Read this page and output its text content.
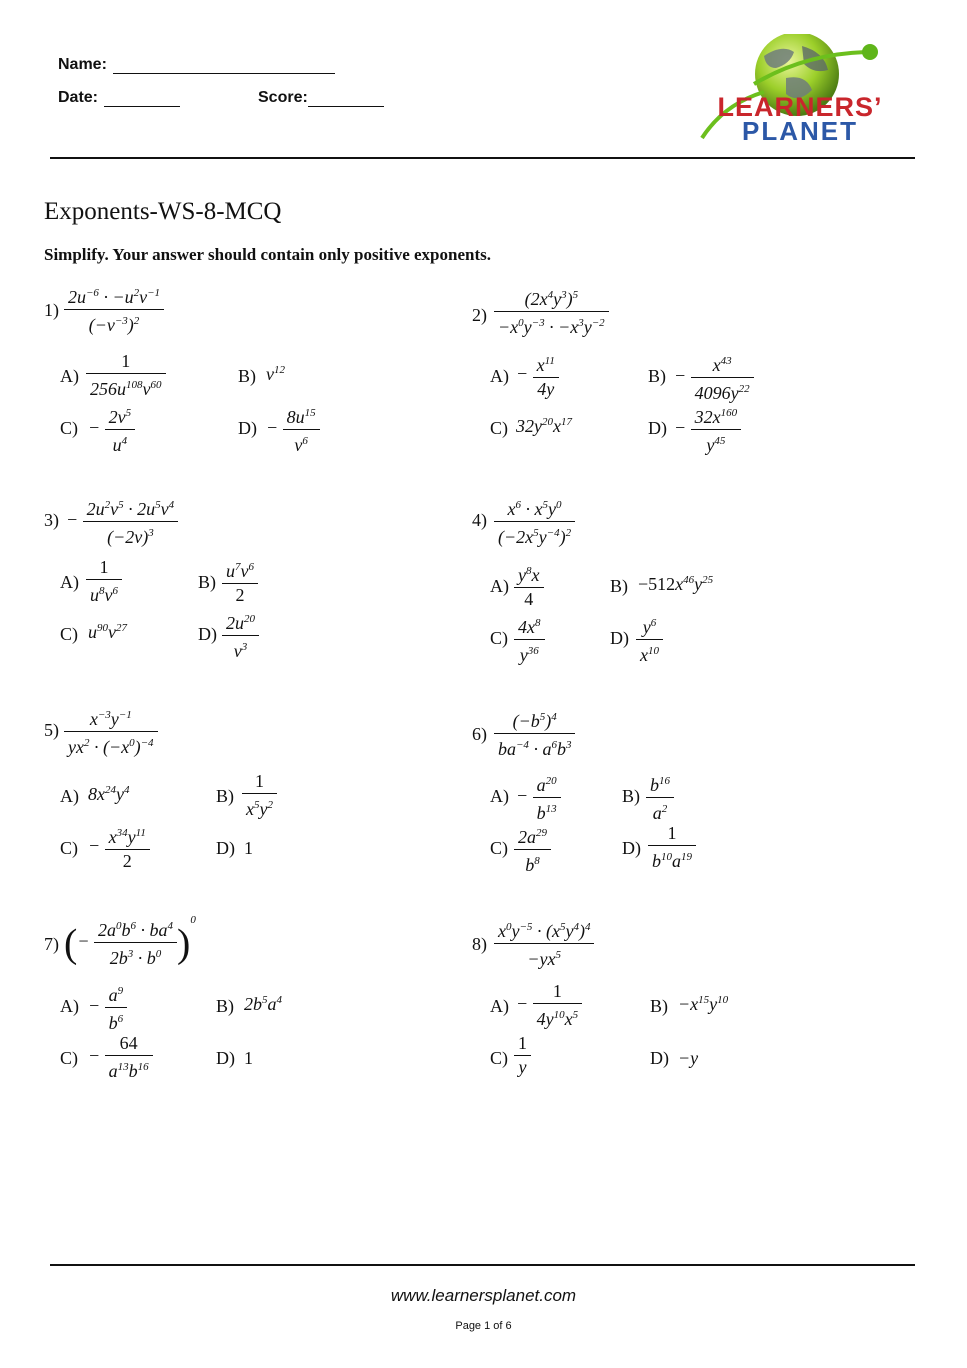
Name:
Date:	Score:	LEARNERS’
PLANET
Exponents-WS-8-MCQ
Simplify. Your answer should contain only positive exponents.
$1) \frac{2u^{-6} \cdot -u^2v^{-1}}{(-v^{-3})^2}$
$A) \frac{1}{256u^{108}v^{60}}$	B) $v^{12}$
$C) - \frac{2v^5}{u^4}$	$D) - \frac{8u^{15}}{v^6}$
$2) \frac{(2x^4y^3)^5}{-x^0y^{-3} \cdot -x^3y^{-2}}$
$A) - \frac{x^{11}}{4y}$	$B) - \frac{x^{43}}{4096y^{22}}$
C) $32y^{20}x^{17}$	$D) - \frac{32x^{160}}{y^{45}}$
$3) - \frac{2u^2v^5 \cdot 2u^5v^4}{(-2v)^3}$
$A) \frac{1}{u^8v^6}$	$B) \frac{u^7v^6}{2}$
C) $u^{90}v^{27}$	$D) \frac{2u^{20}}{v^3}$
$4) \frac{x^6 \cdot x^5y^0}{(-2x^5y^{-4})^2}$
$A) \frac{y^8x}{4}$	$B) -512x^{46}y^{25}$
$C) \frac{4x^8}{y^{36}}$	$D) \frac{y^6}{x^{10}}$
$5) \frac{x^{-3}y^{-1}}{yx^2 \cdot (-x^0)^{-4}}$
A) $8x^{24}y^4$	$B) \frac{1}{x^5y^2}$
$C) - \frac{x^{34}y^{11}}{2}$	D) 1
$6) \frac{(-b^5)^4}{ba^{-4} \cdot a^6b^3}$
$A) - \frac{a^{20}}{b^{13}}$	$B) \frac{b^{16}}{a^2}$
$C) \frac{2a^{29}}{b^8}$	$D) \frac{1}{b^{10}a^{19}}$
7) (− $\frac{2a^0b^6 \cdot ba^4}{2b^3 \cdot b^0} )^0$
$A) - \frac{a^9}{b^6}$	B) $2b^5a^4$
$C) - \frac{64}{a^{13}b^{16}}$	D) 1
$8) \frac{x^0y^{-5} \cdot (x^5y^4)^4}{-yx^5}$
$A) - \frac{1}{4y^{10}x^5}$	$B) -x^{15}y^{10}$
$C) \frac{1}{y}$	D) −y
www.learnersplanet.com
Page 1 of 6
